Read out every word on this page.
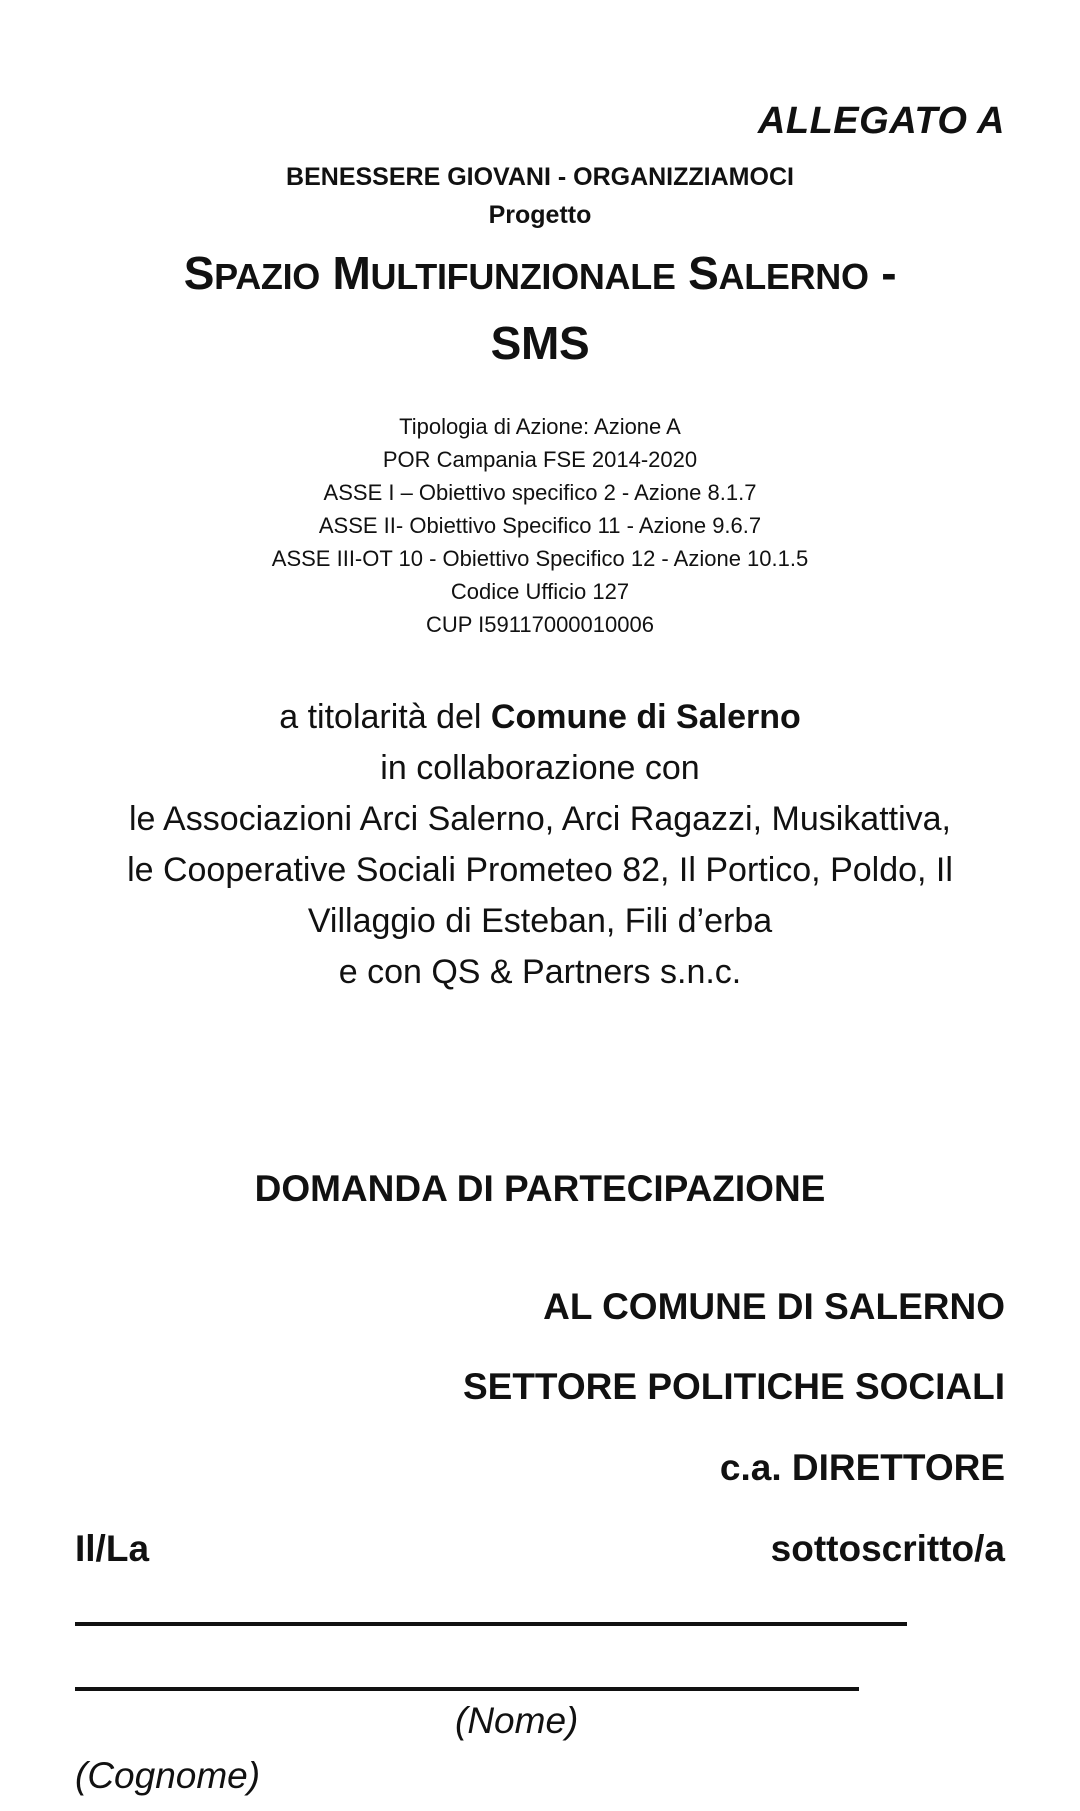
ALLEGATO A
BENESSERE GIOVANI - ORGANIZZIAMOCI
Progetto
SPAZIO MULTIFUNZIONALE SALERNO -
SMS
Tipologia di Azione: Azione A
POR Campania FSE 2014-2020
ASSE I – Obiettivo specifico 2 - Azione 8.1.7
ASSE II- Obiettivo Specifico 11 - Azione 9.6.7
ASSE III-OT 10 - Obiettivo Specifico 12 - Azione 10.1.5
Codice Ufficio 127
CUP I59117000010006
a titolarità del Comune di Salerno
in collaborazione con
le Associazioni Arci Salerno, Arci Ragazzi, Musikattiva,
le Cooperative Sociali Prometeo 82, Il Portico, Poldo, Il
Villaggio di Esteban, Fili d’erba
e con QS & Partners s.n.c.
DOMANDA DI PARTECIPAZIONE
AL COMUNE DI SALERNO
SETTORE POLITICHE SOCIALI
c.a. DIRETTORE
Il/La	sottoscritto/a
(Nome)
(Cognome)
